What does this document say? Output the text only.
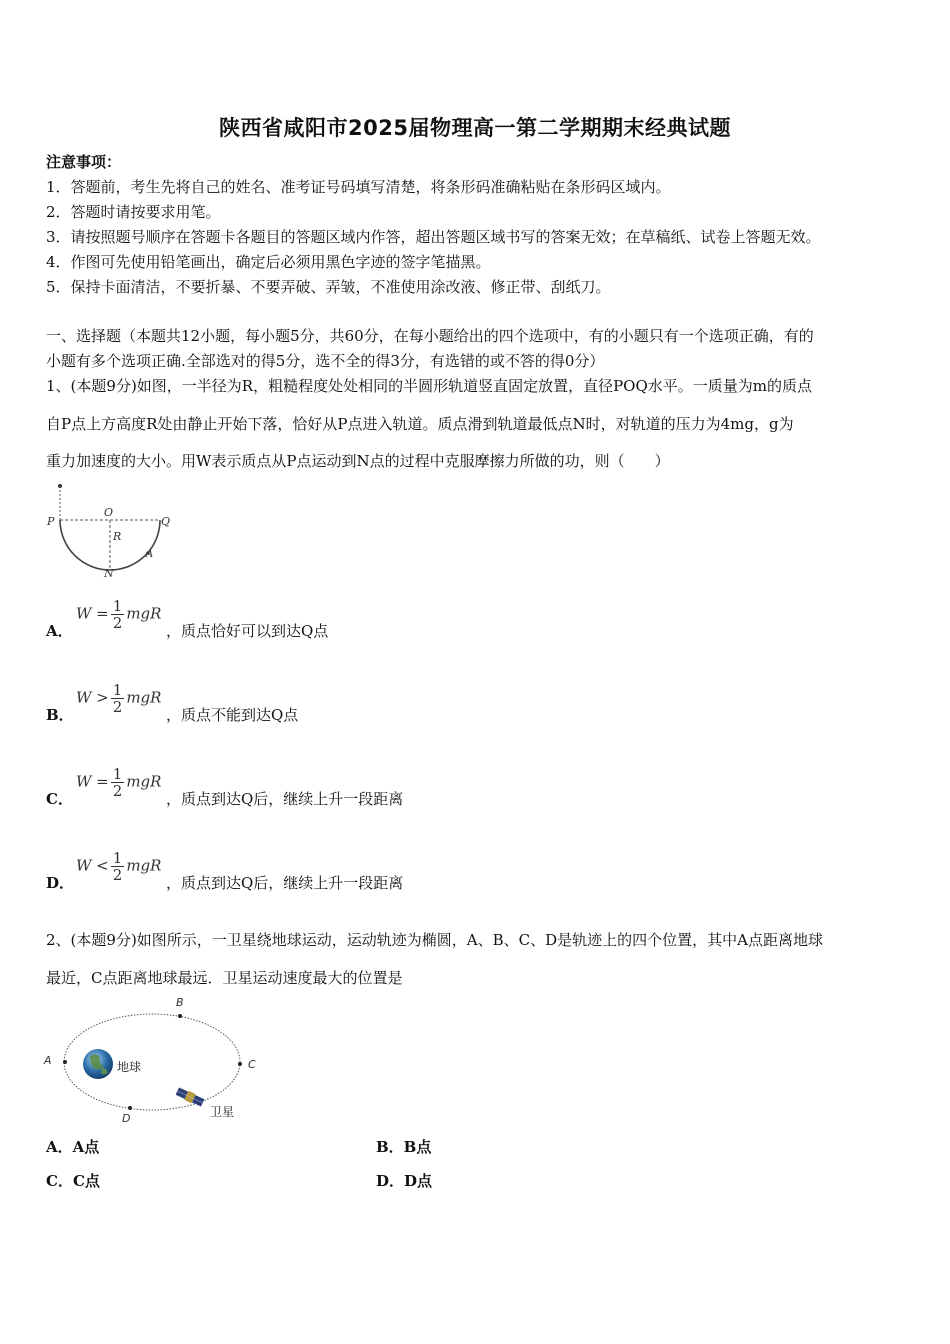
陕西省咸阳市2025届物理高一第二学期期末经典试题
注意事项：
1．答题前，考生先将自己的姓名、准考证号码填写清楚，将条形码准确粘贴在条形码区域内。
2．答题时请按要求用笔。
3．请按照题号顺序在答题卡各题目的答题区域内作答，超出答题区域书写的答案无效；在草稿纸、试卷上答题无效。
4．作图可先使用铅笔画出，确定后必须用黑色字迹的签字笔描黑。
5．保持卡面清洁，不要折暴、不要弄破、弄皱，不准使用涂改液、修正带、刮纸刀。
一、选择题（本题共12小题，每小题5分，共60分，在每小题给出的四个选项中，有的小题只有一个选项正确，有的
小题有多个选项正确.全部选对的得5分，选不全的得3分，有选错的或不答的得0分）
1、(本题9分)如图，一半径为R，粗糙程度处处相同的半圆形轨道竖直固定放置，直径POQ水平。一质量为m的质点
自P点上方高度R处由静止开始下落，恰好从P点进入轨道。质点滑到轨道最低点N时，对轨道的压力为4mg，g为
重力加速度的大小。用W表示质点从P点运动到N点的过程中克服摩擦力所做的功，则（　　）
P
O
Q
R
N
A
A．
$W = \frac{1}{2}$ mgR
，质点恰好可以到达Q点
B．
$W > \frac{1}{2}$ mgR
，质点不能到达Q点
C．
$W = \frac{1}{2}$ mgR
，质点到达Q后，继续上升一段距离
D．
$W < \frac{1}{2}$ mgR
，质点到达Q后，继续上升一段距离
2、(本题9分)如图所示，一卫星绕地球运动，运动轨迹为椭圆，A、B、C、D是轨迹上的四个位置，其中A点距离地球
最近，C点距离地球最远．卫星运动速度最大的位置是
A
B
C
D
地球
卫星
A．A点	B．B点
C．C点	D．D点
